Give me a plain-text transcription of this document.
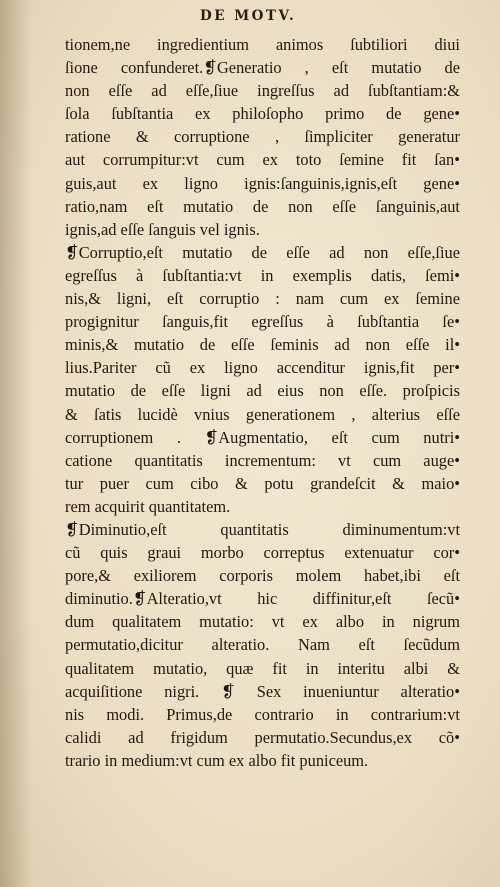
DE MOTV.
tionem,ne ingredientium animos ſubtiliori diui
ſione confunderet.❡Generatio , eſt mutatio de
non eſſe ad eſſe,ſiue ingreſſus ad ſubſtantiam:&
ſola ſubſtantia ex philoſopho primo de gene•
ratione & corruptione , ſimpliciter generatur
aut corrumpitur:vt cum ex toto ſemine fit ſan•
guis,aut ex ligno ignis:ſanguinis,ignis,eſt gene•
ratio,nam eſt mutatio de non eſſe ſanguinis,aut
ignis,ad eſſe ſanguis vel ignis.
❡Corruptio,eſt mutatio de eſſe ad non eſſe,ſiue
egreſſus à ſubſtantia:vt in exemplis datis, ſemi•
nis,& ligni, eſt corruptio : nam cum ex ſemine
progignitur ſanguis,fit egreſſus à ſubſtantia ſe•
minis,& mutatio de eſſe ſeminis ad non eſſe il•
lius.Pariter cũ ex ligno accenditur ignis,fit per•
mutatio de eſſe ligni ad eius non eſſe. proſpicis
& ſatis lucidè vnius generationem , alterius eſſe
corruptionem . ❡Augmentatio, eſt cum nutri•
catione quantitatis incrementum: vt cum auge•
tur puer cum cibo & potu grandeſcit & maio•
rem acquirit quantitatem.
❡Diminutio,eſt quantitatis diminumentum:vt
cũ quis graui morbo correptus extenuatur cor•
pore,& exiliorem corporis molem habet,ibi eſt
diminutio.❡Alteratio,vt hic diffinitur,eſt ſecũ•
dum qualitatem mutatio: vt ex albo in nigrum
permutatio,dicitur alteratio. Nam eſt ſecũdum
qualitatem mutatio, quæ fit in interitu albi &
acquiſitione nigri. ❡ Sex inueniuntur alteratio•
nis modi. Primus,de contrario in contrarium:vt
calidi ad frigidum permutatio.Secundus,ex cõ•
trario in medium:vt cum ex albo fit puniceum.
